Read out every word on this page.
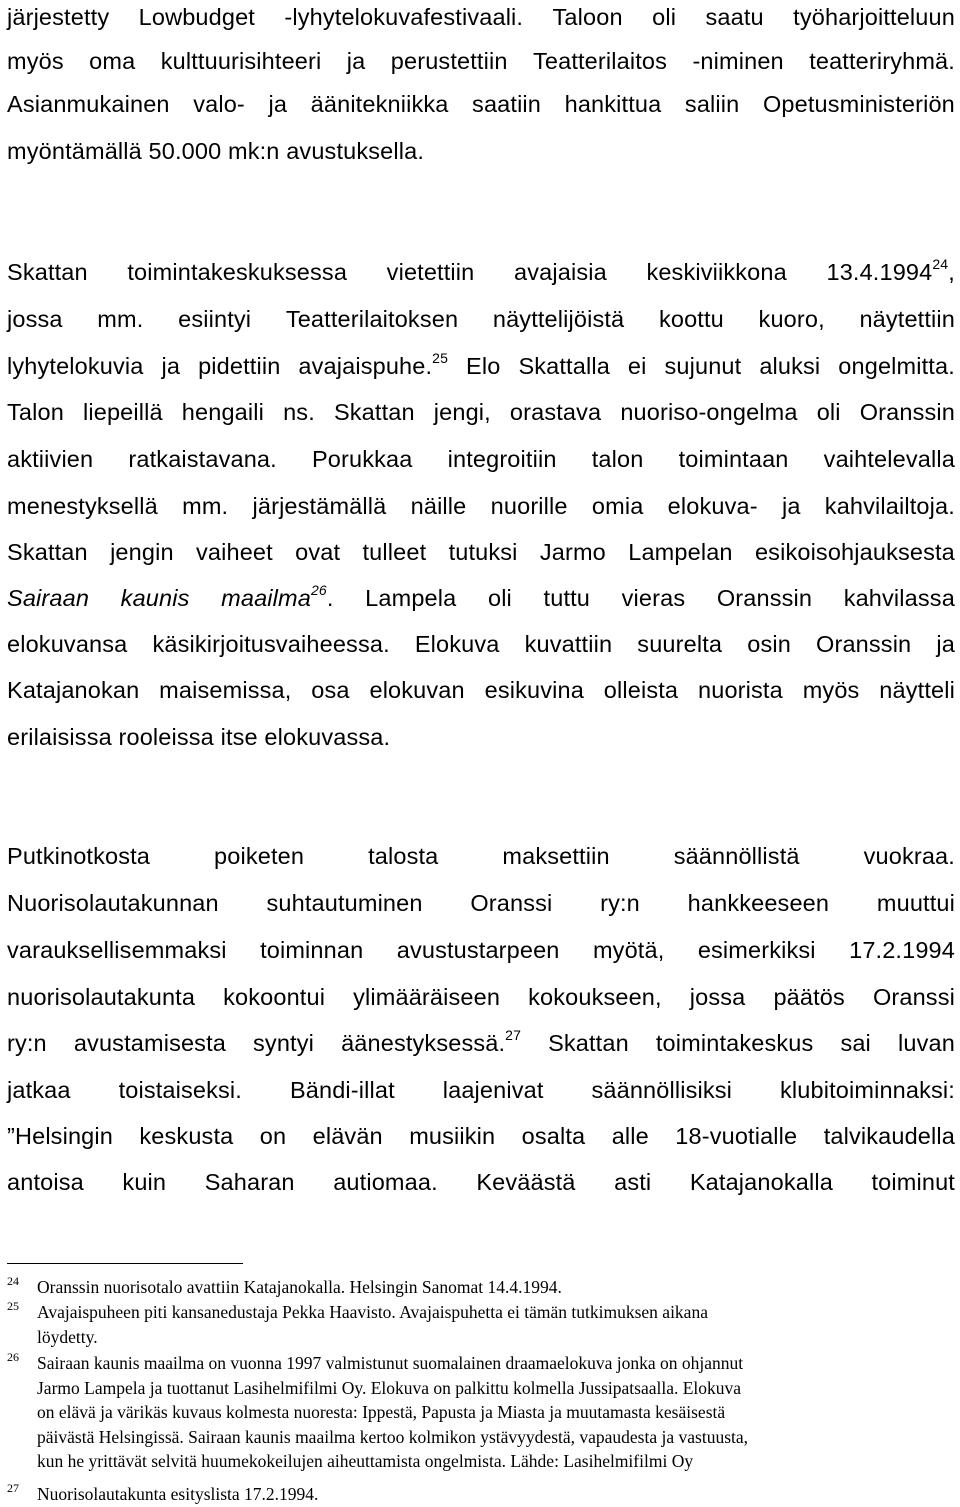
järjestetty Lowbudget -lyhytelokuvafestivaali. Taloon oli saatu työharjoitteluun
myös oma kulttuurisihteeri ja perustettiin Teatterilaitos -niminen teatteriryhmä.
Asianmukainen valo- ja äänitekniikka saatiin hankittua saliin Opetusministeriön
myöntämällä 50.000 mk:n avustuksella.
Skattan toimintakeskuksessa vietettiin avajaisia keskiviikkona 13.4.1994$^{24}$,
jossa mm. esiintyi Teatterilaitoksen näyttelijöistä koottu kuoro, näytettiin
lyhytelokuvia ja pidettiin avajaispuhe.$^{25}$ Elo Skattalla ei sujunut aluksi ongelmitta.
Talon liepeillä hengaili ns. Skattan jengi, orastava nuoriso-ongelma oli Oranssin
aktiivien ratkaistavana. Porukkaa integroitiin talon toimintaan vaihtelevalla
menestyksellä mm. järjestämällä näille nuorille omia elokuva- ja kahvilailtoja.
Skattan jengin vaiheet ovat tulleet tutuksi Jarmo Lampelan esikoisohjauksesta
Sairaan kaunis maailma$^{26}$. Lampela oli tuttu vieras Oranssin kahvilassa
elokuvansa käsikirjoitusvaiheessa. Elokuva kuvattiin suurelta osin Oranssin ja
Katajanokan maisemissa, osa elokuvan esikuvina olleista nuorista myös näytteli
erilaisissa rooleissa itse elokuvassa.
Putkinotkosta	poiketen	talosta	maksettiin	säännöllistä	vuokraa.
Nuorisolautakunnan suhtautuminen Oranssi ry:n hankkeeseen muuttui
varauksellisemmaksi toiminnan avustustarpeen myötä, esimerkiksi 17.2.1994
nuorisolautakunta kokoontui ylimääräiseen kokoukseen, jossa päätös Oranssi
ry:n avustamisesta syntyi äänestyksessä.$^{27}$ Skattan toimintakeskus sai luvan
jatkaa toistaiseksi. Bändi-illat laajenivat säännöllisiksi klubitoiminnaksi:
”Helsingin keskusta on elävän musiikin osalta alle 18-vuotialle talvikaudella
antoisa kuin Saharan autiomaa. Keväästä asti Katajanokalla toiminut
24 Oranssin nuorisotalo avattiin Katajanokalla. Helsingin Sanomat 14.4.1994.
25 Avajaispuheen piti kansanedustaja Pekka Haavisto. Avajaispuhetta ei tämän tutkimuksen aikana
löydetty.
26 Sairaan kaunis maailma on vuonna 1997 valmistunut suomalainen draamaelokuva jonka on ohjannut
Jarmo Lampela ja tuottanut Lasihelmifilmi Oy. Elokuva on palkittu kolmella Jussipatsaalla. Elokuva
on elävä ja värikäs kuvaus kolmesta nuoresta: Ippestä, Papusta ja Miasta ja muutamasta kesäisestä
päivästä Helsingissä. Sairaan kaunis maailma kertoo kolmikon ystävyydestä, vapaudesta ja vastuusta,
kun he yrittävät selvitä huumekokeilujen aiheuttamista ongelmista. Lähde: Lasihelmifilmi Oy
27 Nuorisolautakunta esityslista 17.2.1994.
